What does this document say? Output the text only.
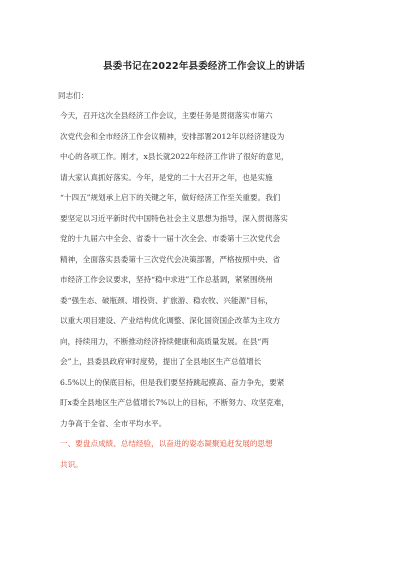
县委书记在2022年县委经济工作会议上的讲话

同志们：

今天，召开这次全县经济工作会议，主要任务是贯彻落实市第六
次党代会和全市经济工作会议精神，安排部署2012年以经济建设为
中心的各项工作。刚才，x县长就2022年经济工作讲了很好的意见，
请大家认真抓好落实。今年，是党的二十大召开之年，也是实施
“十四五”规划承上启下的关键之年，做好经济工作至关重要。我们
要坚定以习近平新时代中国特色社会主义思想为指导，深入贯彻落实
党的十九届六中全会、省委十一届十次全会、市委第十三次党代会
精神，全面落实县委第十三次党代会决策部署，严格按照中央、省
市经济工作会议要求，坚持“稳中求进”工作总基调，紧紧围绕州
委“强生态、破瓶颈、增投资、扩旅游、稳农牧、兴能源”目标，
以重大项目建设、产业结构优化调整、深化国资国企改革为主攻方
向，持续用力，不断推动经济持续健康和高质量发展。在县“两
会”上，县委县政府审时度势，提出了全县地区生产总值增长
6.5%以上的保底目标，但是我们要坚持跳起摸高、奋力争先，要紧
盯x委全县地区生产总值增长7%以上的目标，不断努力、攻坚克难，
力争高于全省、全市平均水平。
一、要盘点成绩、总结经验，以奋进的姿态凝聚追赶发展的思想
共识。
